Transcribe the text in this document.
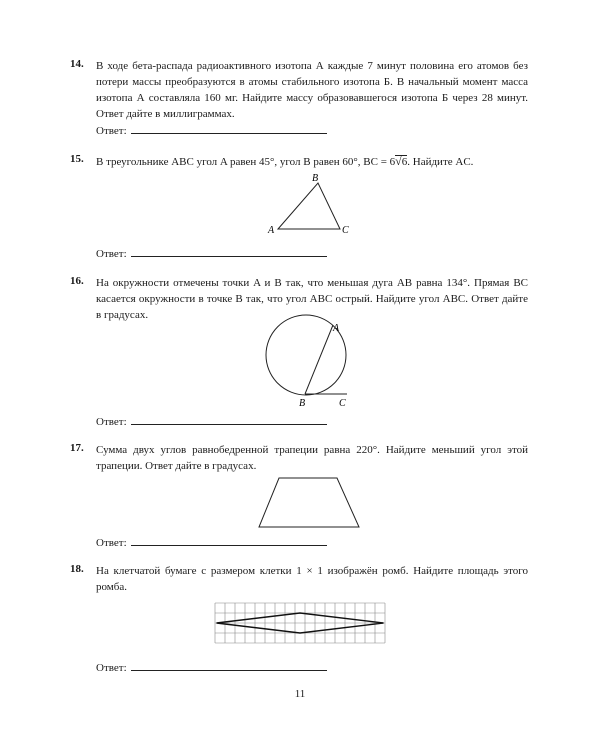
14. В ходе бета-распада радиоактивного изотопа А каждые 7 минут половина его атомов без потери массы преобразуются в атомы стабильного изотопа Б. В начальный момент масса изотопа А составляла 160 мг. Найдите массу образовавшегося изотопа Б через 28 минут. Ответ дайте в миллиграммах.

Ответ:
15. В треугольнике ABC угол A равен 45°, угол B равен 60°, BC = 6√6. Найдите AC.

A
B
C
Ответ:
16. На окружности отмечены точки A и B так, что меньшая дуга AB равна 134°. Прямая BC касается окружности в точке B так, что угол ABC острый. Найдите угол ABC. Ответ дайте в градусах.

A
B	C
Ответ:
17. Сумма двух углов равнобедренной трапеции равна 220°. Найдите меньший угол этой трапеции. Ответ дайте в градусах.

Ответ:
18. На клетчатой бумаге с размером клетки 1 × 1 изображён ромб. Найдите площадь этого ромба.

Ответ:
11
